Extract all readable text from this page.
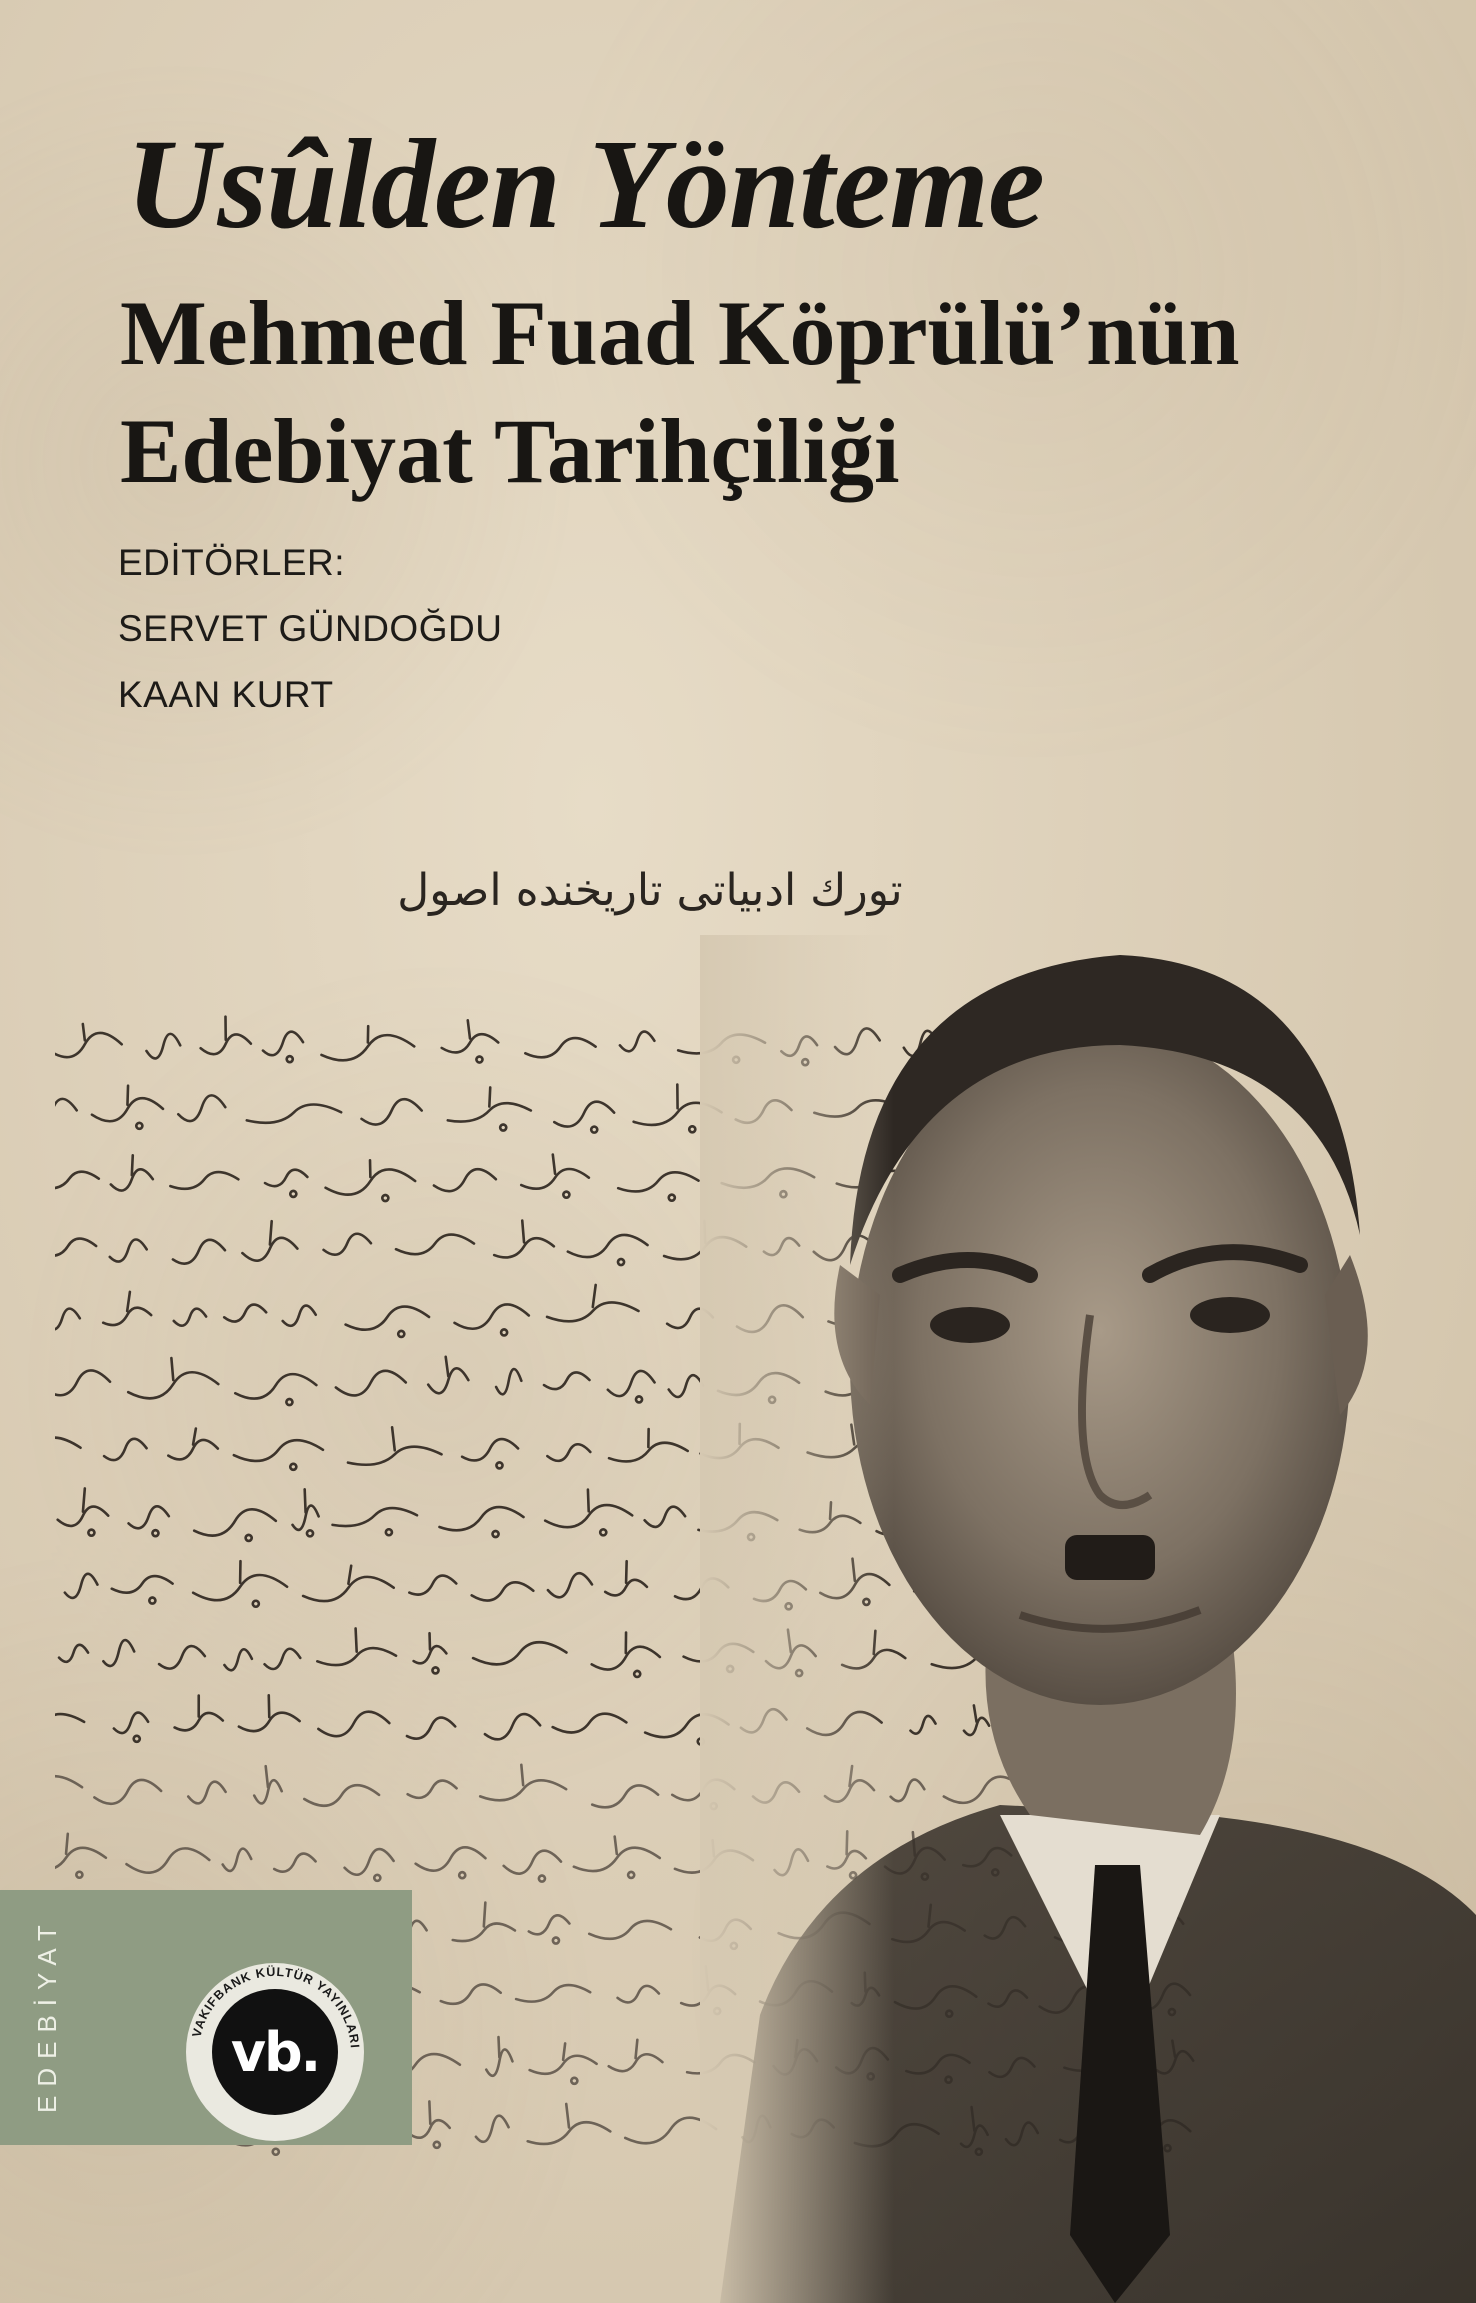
Usûlden Yönteme
Mehmed Fuad Köprülü’nün
Edebiyat Tarihçiliği
EDİTÖRLER:
SERVET GÜNDOĞDU
KAAN KURT
تورك ادبياتى تاريخنده اصول
EDEBİYAT	VAKIFBANK KÜLTÜR YAYINLARI
vb.
